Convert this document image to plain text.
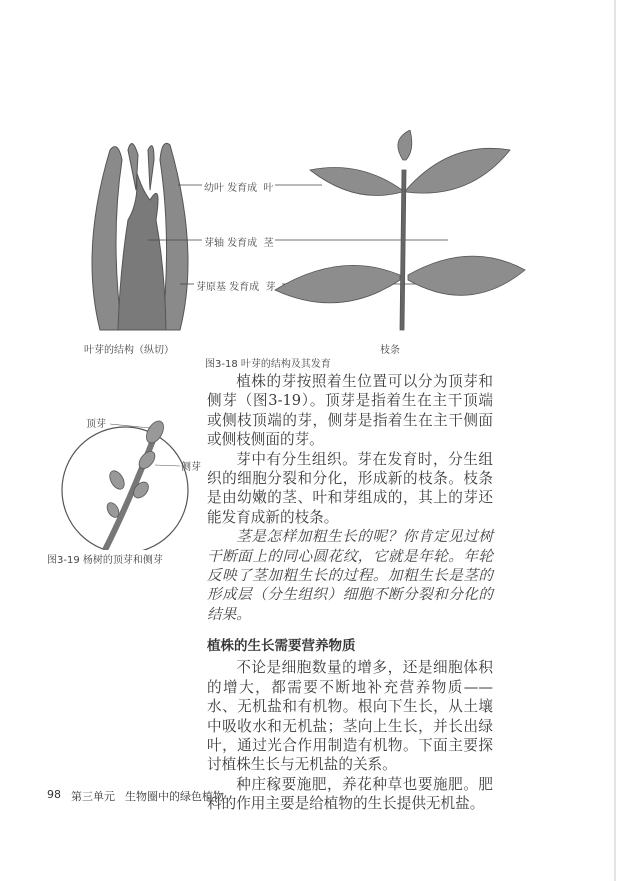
幼叶 发育成 叶
芽轴 发育成 茎
芽原基 发育成 芽
叶芽的结构（纵切）	枝条
图3-18 叶芽的结构及其发育
顶芽
侧芽
图3-19 杨树的顶芽和侧芽

植株的芽按照着生位置可以分为顶芽和侧芽（图3-19）。顶芽是指着生在主干顶端或侧枝顶端的芽，侧芽是指着生在主干侧面或侧枝侧面的芽。

芽中有分生组织。芽在发育时，分生组织的细胞分裂和分化，形成新的枝条。枝条是由幼嫩的茎、叶和芽组成的，其上的芽还能发育成新的枝条。

茎是怎样加粗生长的呢？你肯定见过树干断面上的同心圆花纹，它就是年轮。年轮反映了茎加粗生长的过程。加粗生长是茎的形成层（分生组织）细胞不断分裂和分化的结果。

植株的生长需要营养物质

不论是细胞数量的增多，还是细胞体积的增大，都需要不断地补充营养物质——水、无机盐和有机物。根向下生长，从土壤中吸收水和无机盐；茎向上生长，并长出绿叶，通过光合作用制造有机物。下面主要探讨植株生长与无机盐的关系。

种庄稼要施肥，养花种草也要施肥。肥料的作用主要是给植物的生长提供无机盐。

98 第三单元 生物圈中的绿色植物
